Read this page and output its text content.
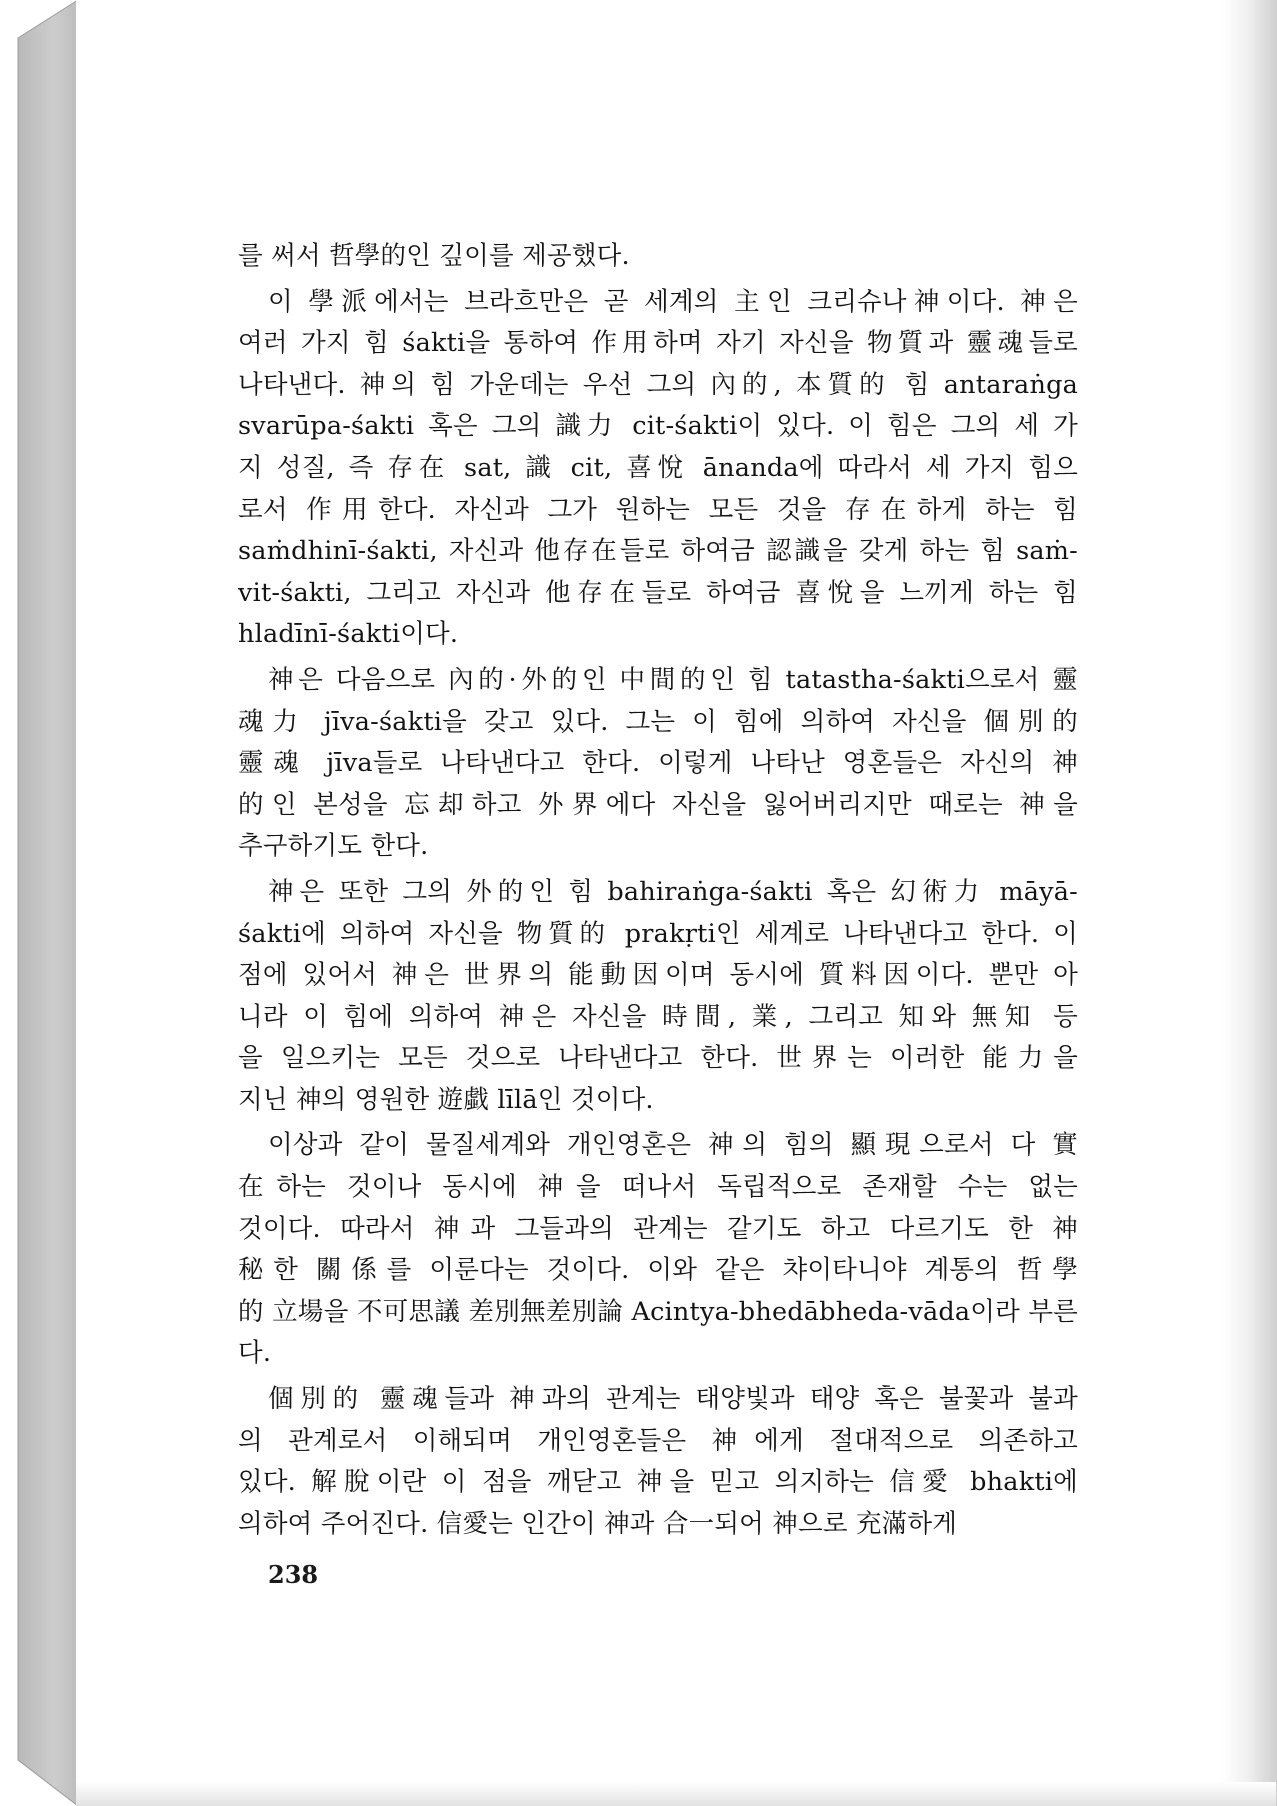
를 써서 哲學的인 깊이를 제공했다.
이 學派에서는 브라흐만은 곧 세계의 主인 크리슈나神이다. 神은
여러 가지 힘 śakti을 통하여 作用하며 자기 자신을 物質과 靈魂들로
나타낸다. 神의 힘 가운데는 우선 그의 內的, 本質的 힘 antaraṅga
svarūpa-śakti 혹은 그의 識力 cit-śakti이 있다. 이 힘은 그의 세 가
지 성질, 즉 存在 sat, 識 cit, 喜悅 ānanda에 따라서 세 가지 힘으
로서 作用한다. 자신과 그가 원하는 모든 것을 存在하게 하는 힘
saṁdhinī-śakti, 자신과 他存在들로 하여금 認識을 갖게 하는 힘 saṁ-
vit-śakti, 그리고 자신과 他存在들로 하여금 喜悅을 느끼게 하는 힘
hladīnī-śakti이다.
神은 다음으로 內的·外的인 中間的인 힘 tatastha-śakti으로서 靈
魂力 jīva-śakti을 갖고 있다. 그는 이 힘에 의하여 자신을 個別的
靈魂 jīva들로 나타낸다고 한다. 이렇게 나타난 영혼들은 자신의 神
的인 본성을 忘却하고 外界에다 자신을 잃어버리지만 때로는 神을
추구하기도 한다.
神은 또한 그의 外的인 힘 bahiraṅga-śakti 혹은 幻術力 māyā-
śakti에 의하여 자신을 物質的 prakṛti인 세계로 나타낸다고 한다. 이
점에 있어서 神은 世界의 能動因이며 동시에 質料因이다. 뿐만 아
니라 이 힘에 의하여 神은 자신을 時間, 業, 그리고 知와 無知 등
을 일으키는 모든 것으로 나타낸다고 한다. 世界는 이러한 能力을
지닌 神의 영원한 遊戱 līlā인 것이다.
이상과 같이 물질세계와 개인영혼은 神의 힘의 顯現으로서 다 實
在하는 것이나 동시에 神을 떠나서 독립적으로 존재할 수는 없는
것이다. 따라서 神과 그들과의 관계는 같기도 하고 다르기도 한 神
秘한 關係를 이룬다는 것이다. 이와 같은 챠이타니야 계통의 哲學
的 立場을 不可思議 差別無差別論 Acintya-bhedābheda-vāda이라 부른
다.
個別的 靈魂들과 神과의 관계는 태양빛과 태양 혹은 불꽃과 불과
의 관계로서 이해되며 개인영혼들은 神에게 절대적으로 의존하고
있다. 解脫이란 이 점을 깨닫고 神을 믿고 의지하는 信愛 bhakti에
의하여 주어진다. 信愛는 인간이 神과 合一되어 神으로 充滿하게
238
